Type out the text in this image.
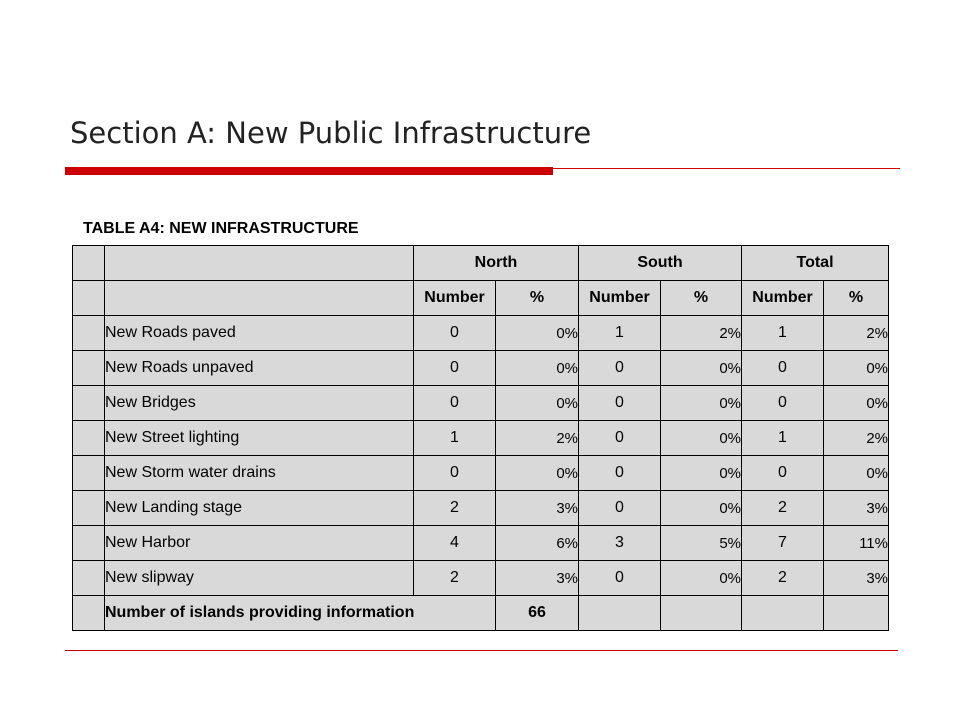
Section A: New Public Infrastructure
TABLE A4: NEW INFRASTRUCTURE
		North		South		Total	
		Number	%	Number	%	Number	%
	New Roads paved	0	0%	1	2%	1	2%
	New Roads unpaved	0	0%	0	0%	0	0%
	New Bridges	0	0%	0	0%	0	0%
	New Street lighting	1	2%	0	0%	1	2%
	New Storm water drains	0	0%	0	0%	0	0%
	New Landing stage	2	3%	0	0%	2	3%
	New Harbor	4	6%	3	5%	7	11%
	New slipway	2	3%	0	0%	2	3%
	Number of islands providing information		66				
